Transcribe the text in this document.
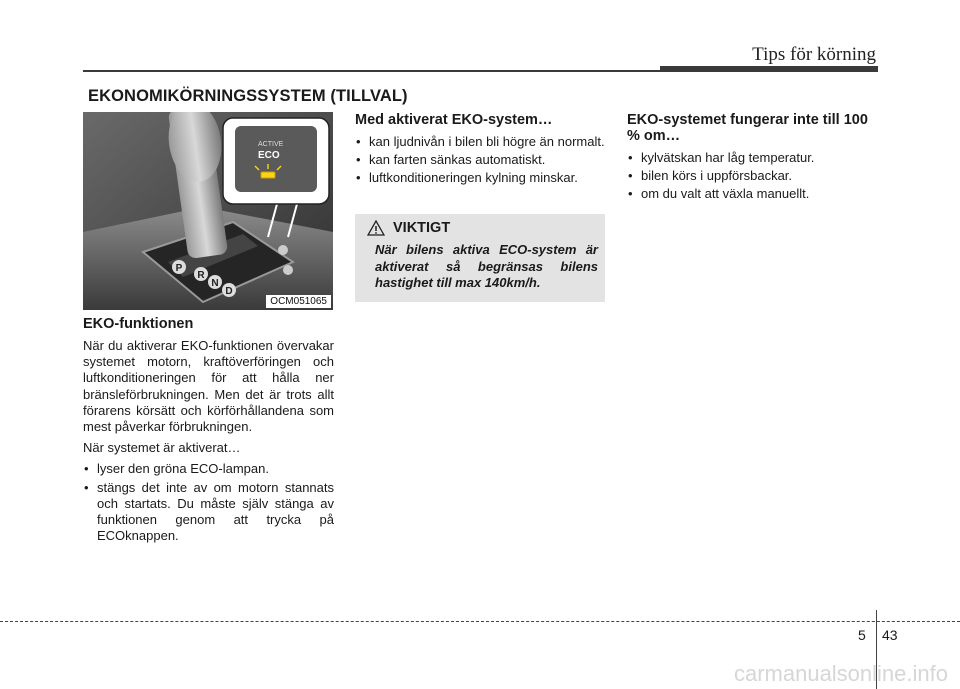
Tips för körning
EKONOMIKÖRNINGSSYSTEM (TILLVAL)
P
R
N
D
ACTIVE
ECO
OCM051065
EKO-funktionen

När du aktiverar EKO-funktionen övervakar systemet motorn, kraftöverföringen och luftkonditioneringen för att hålla ner bränsleförbrukningen. Men det är trots allt förarens körsätt och körförhållandena som mest påverkar förbrukningen.

När systemet är aktiverat…

• lyser den gröna ECO-lampan.
• stängs det inte av om motorn stannats och startats. Du måste själv stänga av funktionen genom att trycka på ECOknappen.
Med aktiverat EKO-system…
• kan ljudnivån i bilen bli högre än normalt.
• kan farten sänkas automatiskt.
• luftkonditioneringen kylning minskar.
VIKTIGT

När bilens aktiva ECO-system är aktiverat så begränsas bilens hastighet till max 140km/h.

EKO-systemet fungerar inte till 100 % om…
• kylvätskan har låg temperatur.
• bilen körs i uppförsbackar.
• om du valt att växla manuellt.
5 43
carmanualsonline.info
